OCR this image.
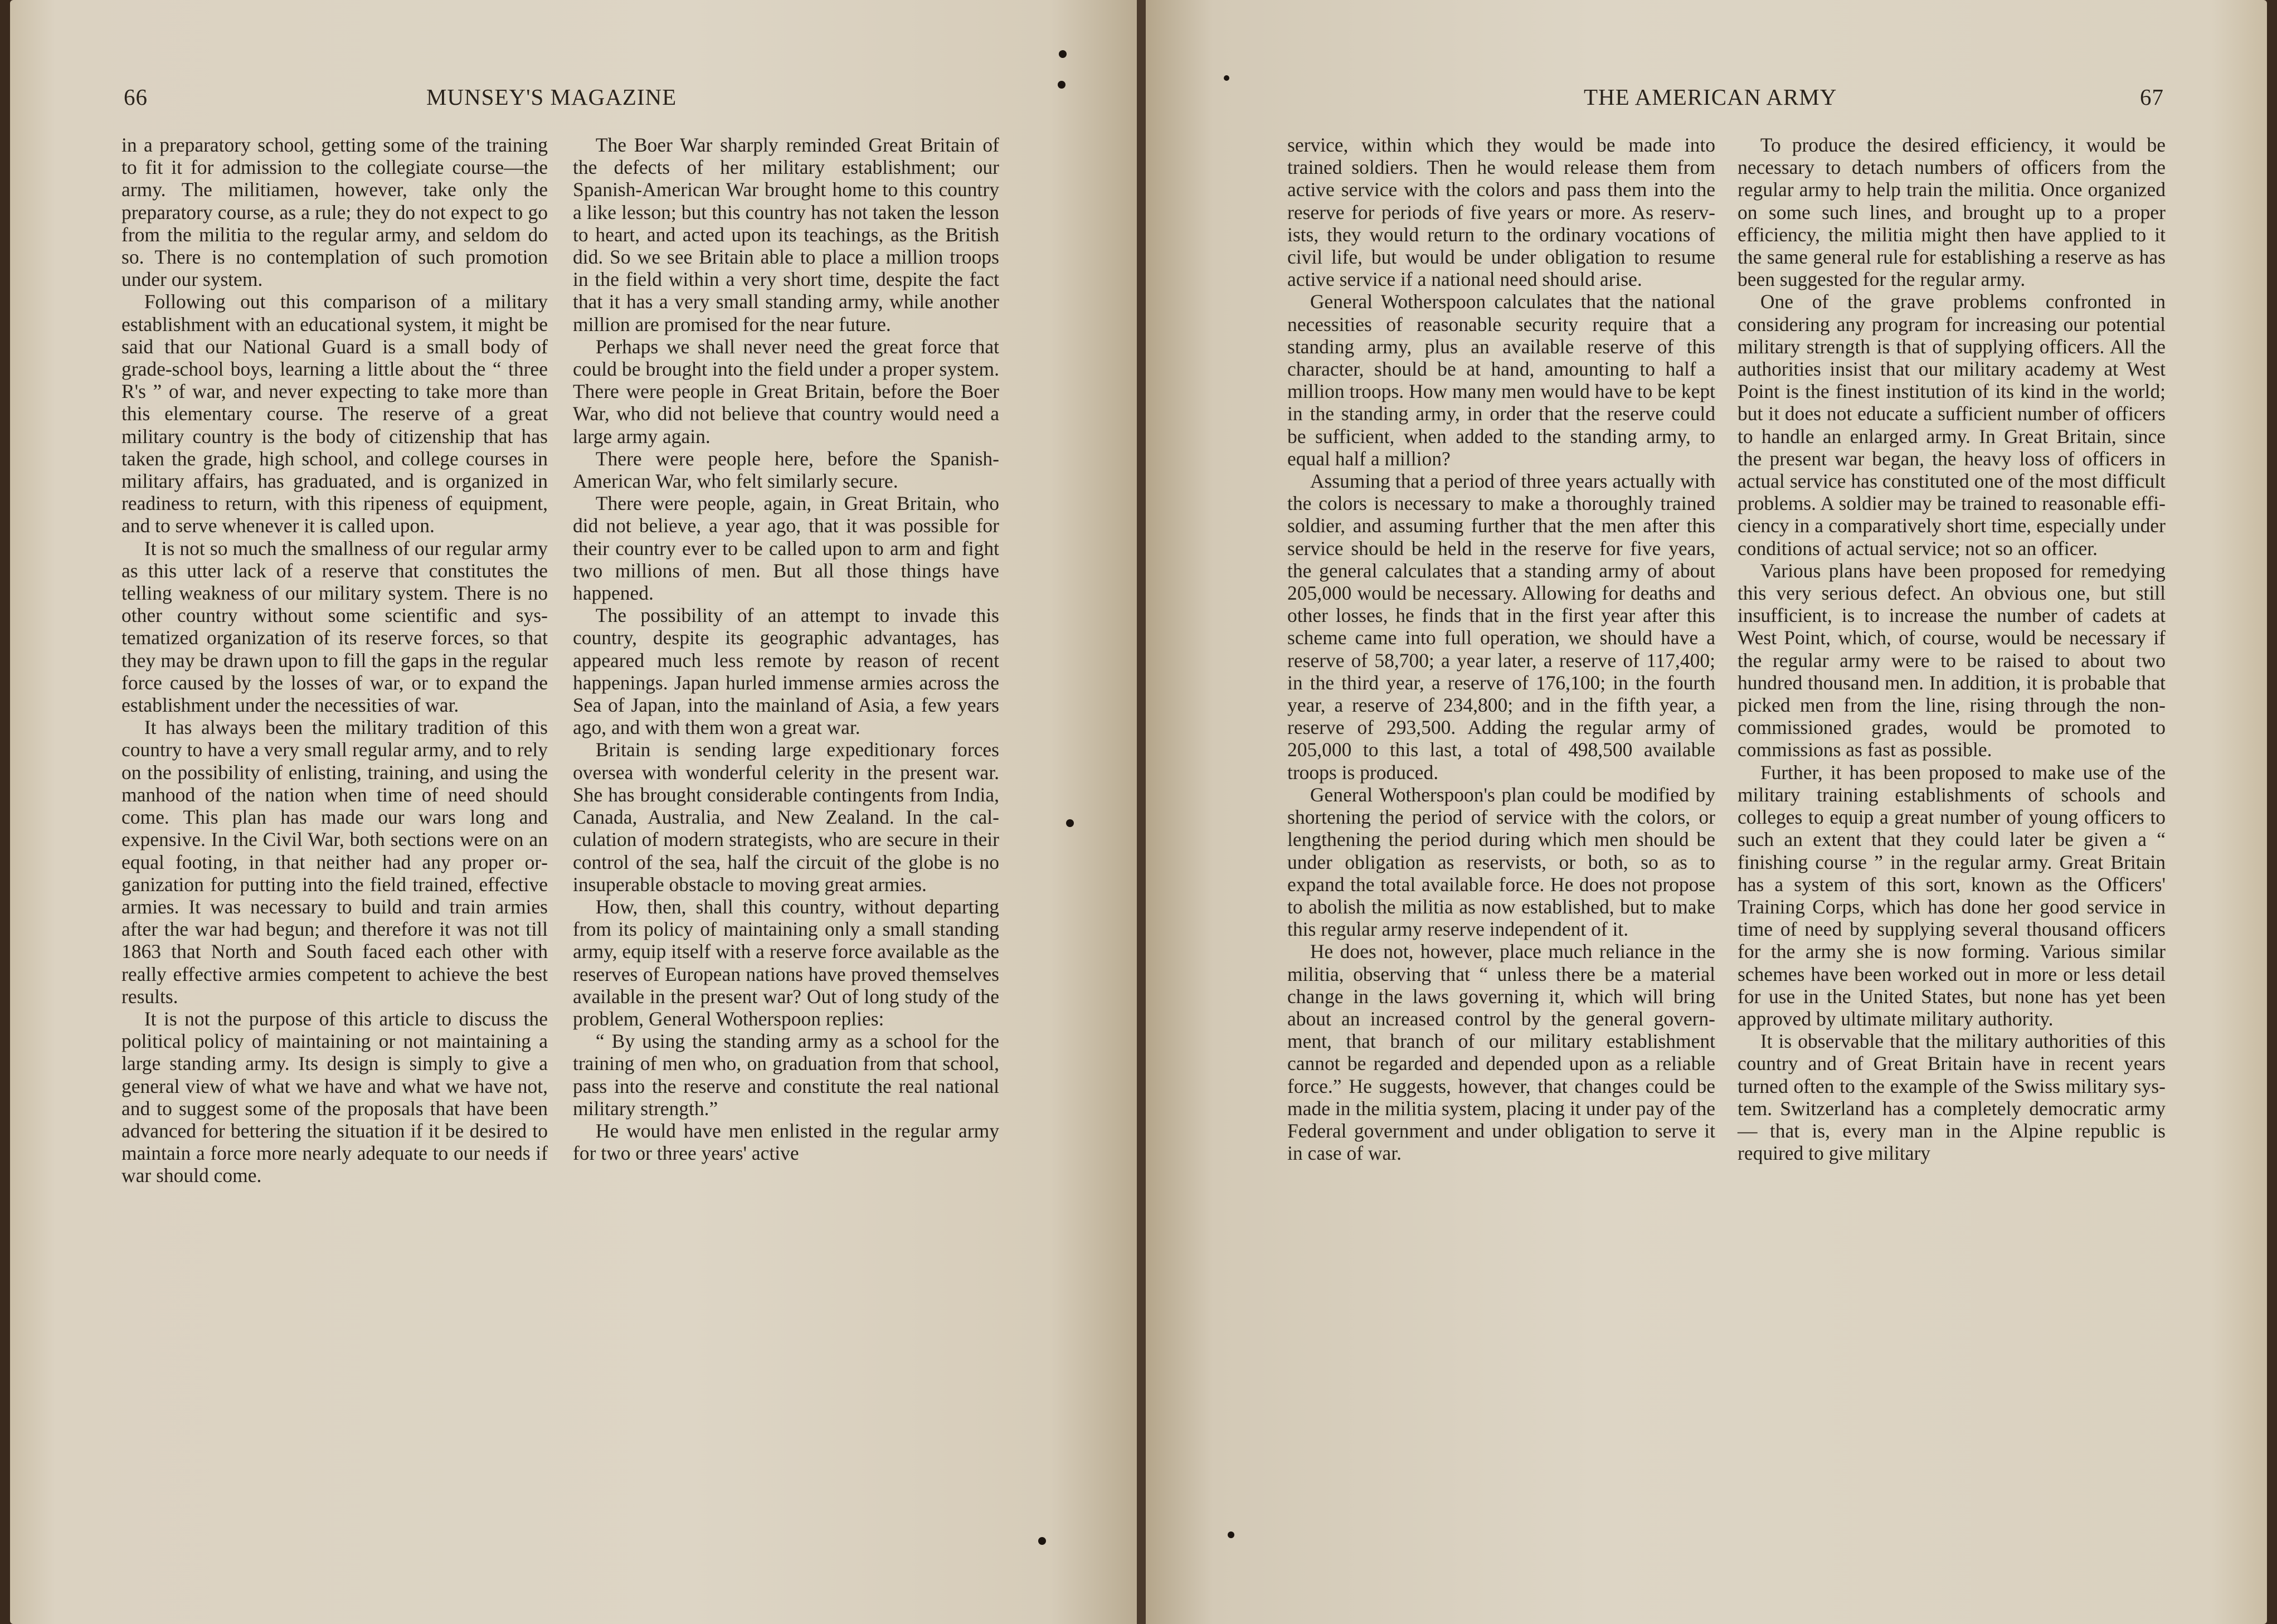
66	MUNSEY'S MAGAZINE	THE AMERICAN ARMY	67

in a preparatory school, getting some of the training to fit it for admission to the collegiate course—the army. The militiamen, however, take only the preparatory course, as a rule; they do not expect to go from the militia to the regular army, and seldom do so. There is no contemplation of such promotion under our system.

Following out this comparison of a military establishment with an educational system, it might be said that our National Guard is a small body of grade-school boys, learning a little about the “ three R's ” of war, and never expecting to take more than this elementary course. The reserve of a great military country is the body of citizenship that has taken the grade, high school, and college courses in military affairs, has graduated, and is organized in readiness to return, with this ripeness of equipment, and to serve whenever it is called upon.

It is not so much the smallness of our regular army as this utter lack of a reserve that constitutes the telling weakness of our military system. There is no other country without some scientific and systematized organization of its reserve forces, so that they may be drawn upon to fill the gaps in the regular force caused by the losses of war, or to expand the establishment under the necessities of war.

It has always been the military tradition of this country to have a very small regular army, and to rely on the possibility of enlisting, training, and using the manhood of the nation when time of need should come. This plan has made our wars long and expensive. In the Civil War, both sections were on an equal footing, in that neither had any proper organization for putting into the field trained, effective armies. It was necessary to build and train armies after the war had begun; and therefore it was not till 1863 that North and South faced each other with really effective armies competent to achieve the best results.

It is not the purpose of this article to discuss the political policy of maintaining or not maintaining a large standing army. Its design is simply to give a general view of what we have and what we have not, and to suggest some of the proposals that have been advanced for bettering the situation if it be desired to maintain a force more nearly adequate to our needs if war should come.

The Boer War sharply reminded Great Britain of the defects of her military establishment; our Spanish-American War brought home to this country a like lesson; but this country has not taken the lesson to heart, and acted upon its teachings, as the British did. So we see Britain able to place a million troops in the field within a very short time, despite the fact that it has a very small standing army, while another million are promised for the near future.

Perhaps we shall never need the great force that could be brought into the field under a proper system. There were people in Great Britain, before the Boer War, who did not believe that country would need a large army again.

There were people here, before the Spanish-American War, who felt similarly secure.

There were people, again, in Great Britain, who did not believe, a year ago, that it was possible for their country ever to be called upon to arm and fight two millions of men. But all those things have happened.

The possibility of an attempt to invade this country, despite its geographic advantages, has appeared much less remote by reason of recent happenings. Japan hurled immense armies across the Sea of Japan, into the mainland of Asia, a few years ago, and with them won a great war.

Britain is sending large expeditionary forces oversea with wonderful celerity in the present war. She has brought considerable contingents from India, Canada, Australia, and New Zealand. In the calculation of modern strategists, who are secure in their control of the sea, half the circuit of the globe is no insuperable obstacle to moving great armies.

How, then, shall this country, without departing from its policy of maintaining only a small standing army, equip itself with a reserve force available as the reserves of European nations have proved themselves available in the present war? Out of long study of the problem, General Wotherspoon replies:

“ By using the standing army as a school for the training of men who, on graduation from that school, pass into the reserve and constitute the real national military strength.”

He would have men enlisted in the regular army for two or three years' active

service, within which they would be made into trained soldiers. Then he would release them from active service with the colors and pass them into the reserve for periods of five years or more. As reservists, they would return to the ordinary vocations of civil life, but would be under obligation to resume active service if a national need should arise.

General Wotherspoon calculates that the national necessities of reasonable security require that a standing army, plus an available reserve of this character, should be at hand, amounting to half a million troops. How many men would have to be kept in the standing army, in order that the reserve could be sufficient, when added to the standing army, to equal half a million?

Assuming that a period of three years actually with the colors is necessary to make a thoroughly trained soldier, and assuming further that the men after this service should be held in the reserve for five years, the general calculates that a standing army of about 205,000 would be necessary. Allowing for deaths and other losses, he finds that in the first year after this scheme came into full operation, we should have a reserve of 58,700; a year later, a reserve of 117,400; in the third year, a reserve of 176,100; in the fourth year, a reserve of 234,800; and in the fifth year, a reserve of 293,500. Adding the regular army of 205,000 to this last, a total of 498,500 available troops is produced.

General Wotherspoon's plan could be modified by shortening the period of service with the colors, or lengthening the period during which men should be under obligation as reservists, or both, so as to expand the total available force. He does not propose to abolish the militia as now established, but to make this regular army reserve independent of it.

He does not, however, place much reliance in the militia, observing that “ unless there be a material change in the laws governing it, which will bring about an increased control by the general government, that branch of our military establishment cannot be regarded and depended upon as a reliable force.” He suggests, however, that changes could be made in the militia system, placing it under pay of the Federal government and under obligation to serve it in case of war.

To produce the desired efficiency, it would be necessary to detach numbers of officers from the regular army to help train the militia. Once organized on some such lines, and brought up to a proper efficiency, the militia might then have applied to it the same general rule for establishing a reserve as has been suggested for the regular army.

One of the grave problems confronted in considering any program for increasing our potential military strength is that of supplying officers. All the authorities insist that our military academy at West Point is the finest institution of its kind in the world; but it does not educate a sufficient number of officers to handle an enlarged army. In Great Britain, since the present war began, the heavy loss of officers in actual service has constituted one of the most difficult problems. A soldier may be trained to reasonable efficiency in a comparatively short time, especially under conditions of actual service; not so an officer.

Various plans have been proposed for remedying this very serious defect. An obvious one, but still insufficient, is to increase the number of cadets at West Point, which, of course, would be necessary if the regular army were to be raised to about two hundred thousand men. In addition, it is probable that picked men from the line, rising through the non-commissioned grades, would be promoted to commissions as fast as possible.

Further, it has been proposed to make use of the military training establishments of schools and colleges to equip a great number of young officers to such an extent that they could later be given a “ finishing course ” in the regular army. Great Britain has a system of this sort, known as the Officers' Training Corps, which has done her good service in time of need by supplying several thousand officers for the army she is now forming. Various similar schemes have been worked out in more or less detail for use in the United States, but none has yet been approved by ultimate military authority.

It is observable that the military authorities of this country and of Great Britain have in recent years turned often to the example of the Swiss military system. Switzerland has a completely democratic army — that is, every man in the Alpine republic is required to give military
